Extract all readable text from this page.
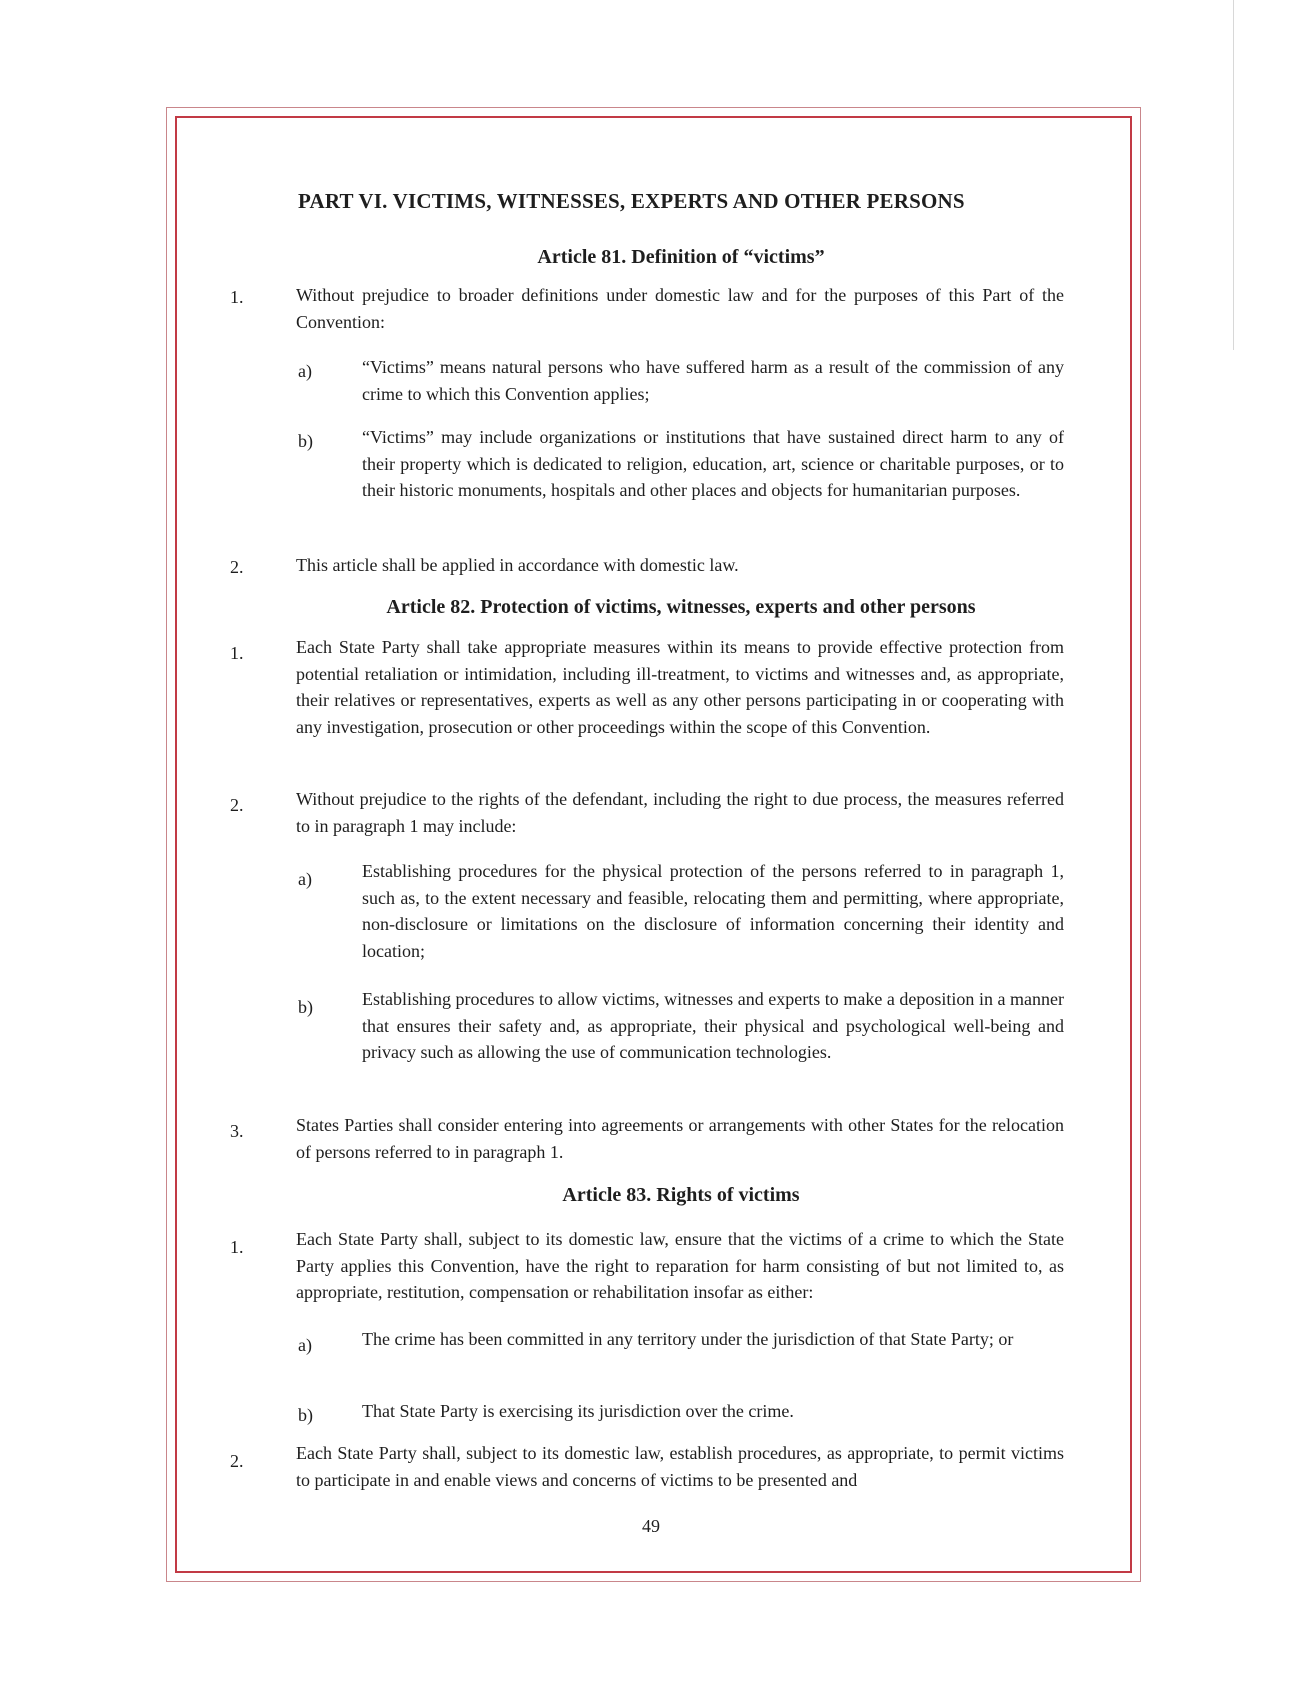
PART VI. VICTIMS, WITNESSES, EXPERTS AND OTHER PERSONS
Article 81. Definition of “victims”
1.	Without prejudice to broader definitions under domestic law and for the purposes of this Part of the Convention:

a)	“Victims” means natural persons who have suffered harm as a result of the commission of any crime to which this Convention applies;

b)	“Victims” may include organizations or institutions that have sustained direct harm to any of their property which is dedicated to religion, education, art, science or charitable purposes, or to their historic monuments, hospitals and other places and objects for humanitarian purposes.

2.	This article shall be applied in accordance with domestic law.

Article 82. Protection of victims, witnesses, experts and other persons
1.	Each State Party shall take appropriate measures within its means to provide effective protection from potential retaliation or intimidation, including ill-treatment, to victims and witnesses and, as appropriate, their relatives or representatives, experts as well as any other persons participating in or cooperating with any investigation, prosecution or other proceedings within the scope of this Convention.

2.	Without prejudice to the rights of the defendant, including the right to due process, the measures referred to in paragraph 1 may include:

a)	Establishing procedures for the physical protection of the persons referred to in paragraph 1, such as, to the extent necessary and feasible, relocating them and permitting, where appropriate, non-disclosure or limitations on the disclosure of information concerning their identity and location;

b)	Establishing procedures to allow victims, witnesses and experts to make a deposition in a manner that ensures their safety and, as appropriate, their physical and psychological well-being and privacy such as allowing the use of communication technologies.

3.	States Parties shall consider entering into agreements or arrangements with other States for the relocation of persons referred to in paragraph 1.

Article 83. Rights of victims
1.	Each State Party shall, subject to its domestic law, ensure that the victims of a crime to which the State Party applies this Convention, have the right to reparation for harm consisting of but not limited to, as appropriate, restitution, compensation or rehabilitation insofar as either:

a)	The crime has been committed in any territory under the jurisdiction of that State Party; or

b)	That State Party is exercising its jurisdiction over the crime.

2.	Each State Party shall, subject to its domestic law, establish procedures, as appropriate, to permit victims to participate in and enable views and concerns of victims to be presented and

49
